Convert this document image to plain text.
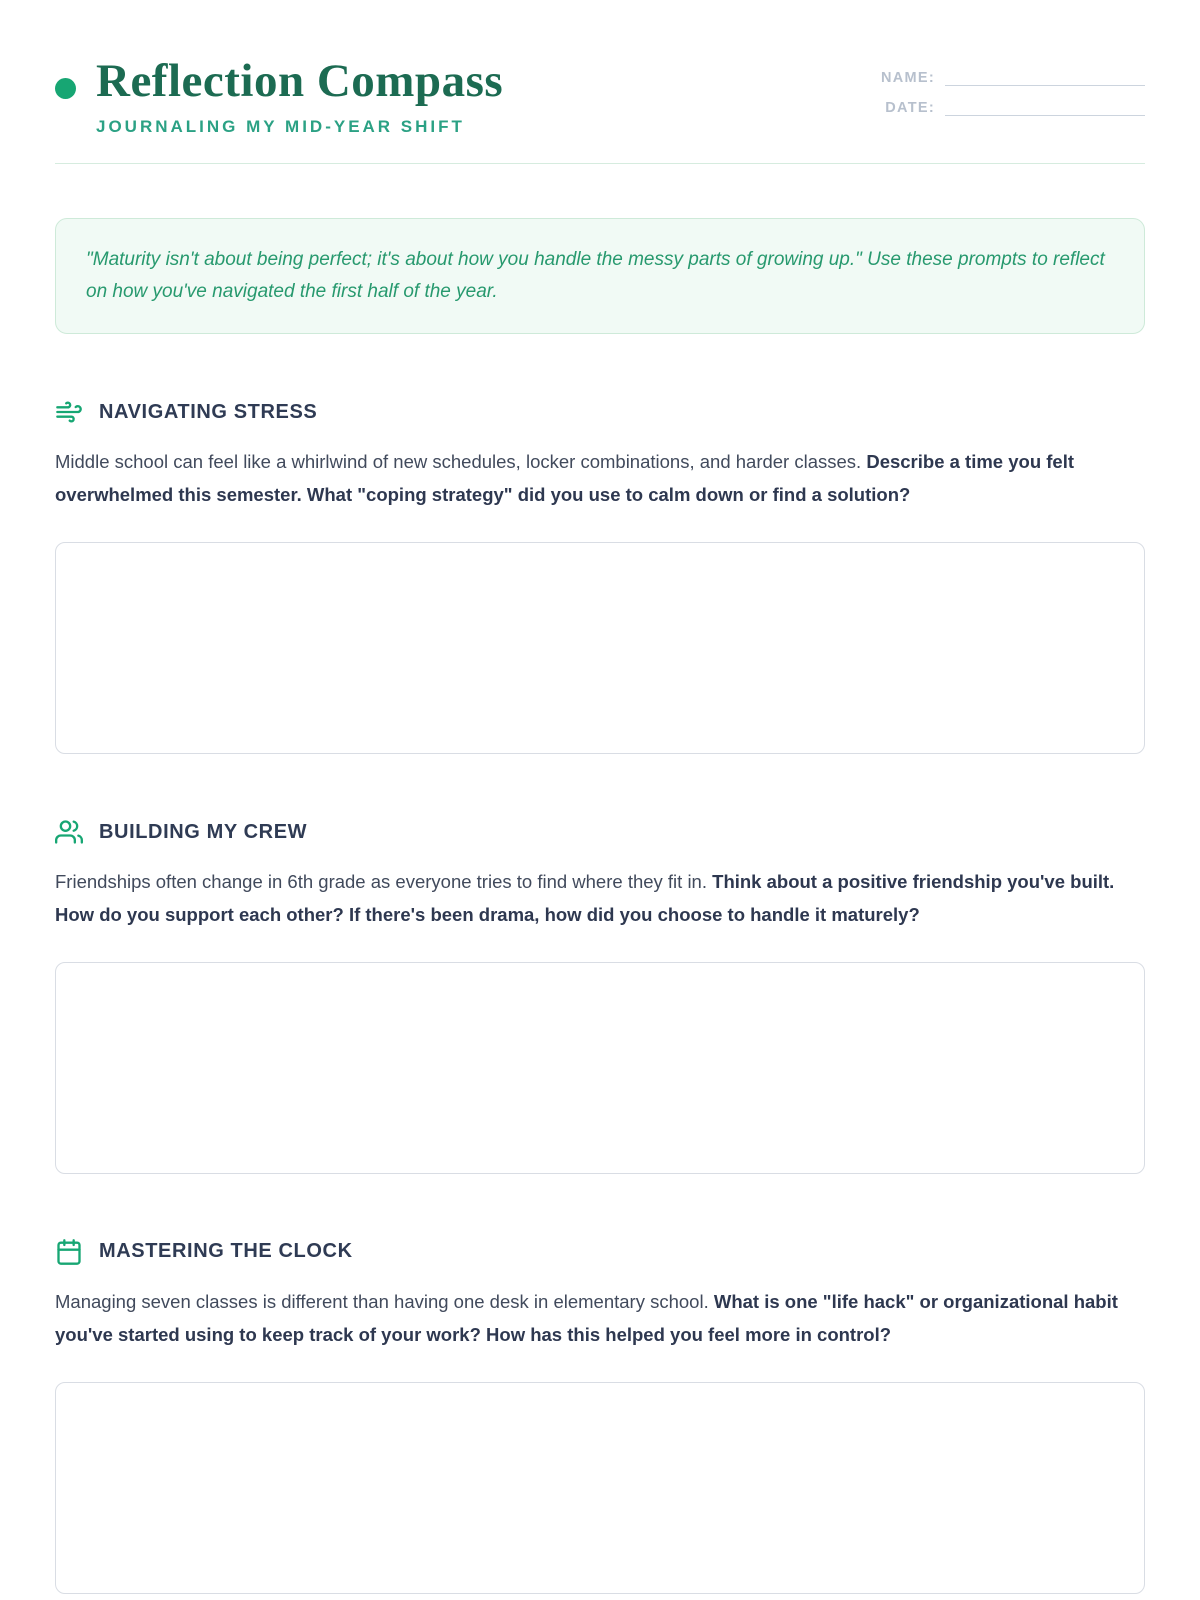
Reflection Compass
JOURNALING MY MID-YEAR SHIFT
NAME:
DATE:

"Maturity isn't about being perfect; it's about how you handle the messy parts of growing up." Use these prompts to reflect on how you've navigated the first half of the year.

NAVIGATING STRESS

Middle school can feel like a whirlwind of new schedules, locker combinations, and harder classes. Describe a time you felt overwhelmed this semester. What "coping strategy" did you use to calm down or find a solution?

BUILDING MY CREW

Friendships often change in 6th grade as everyone tries to find where they fit in. Think about a positive friendship you've built. How do you support each other? If there's been drama, how did you choose to handle it maturely?

MASTERING THE CLOCK

Managing seven classes is different than having one desk in elementary school. What is one "life hack" or organizational habit you've started using to keep track of your work? How has this helped you feel more in control?
